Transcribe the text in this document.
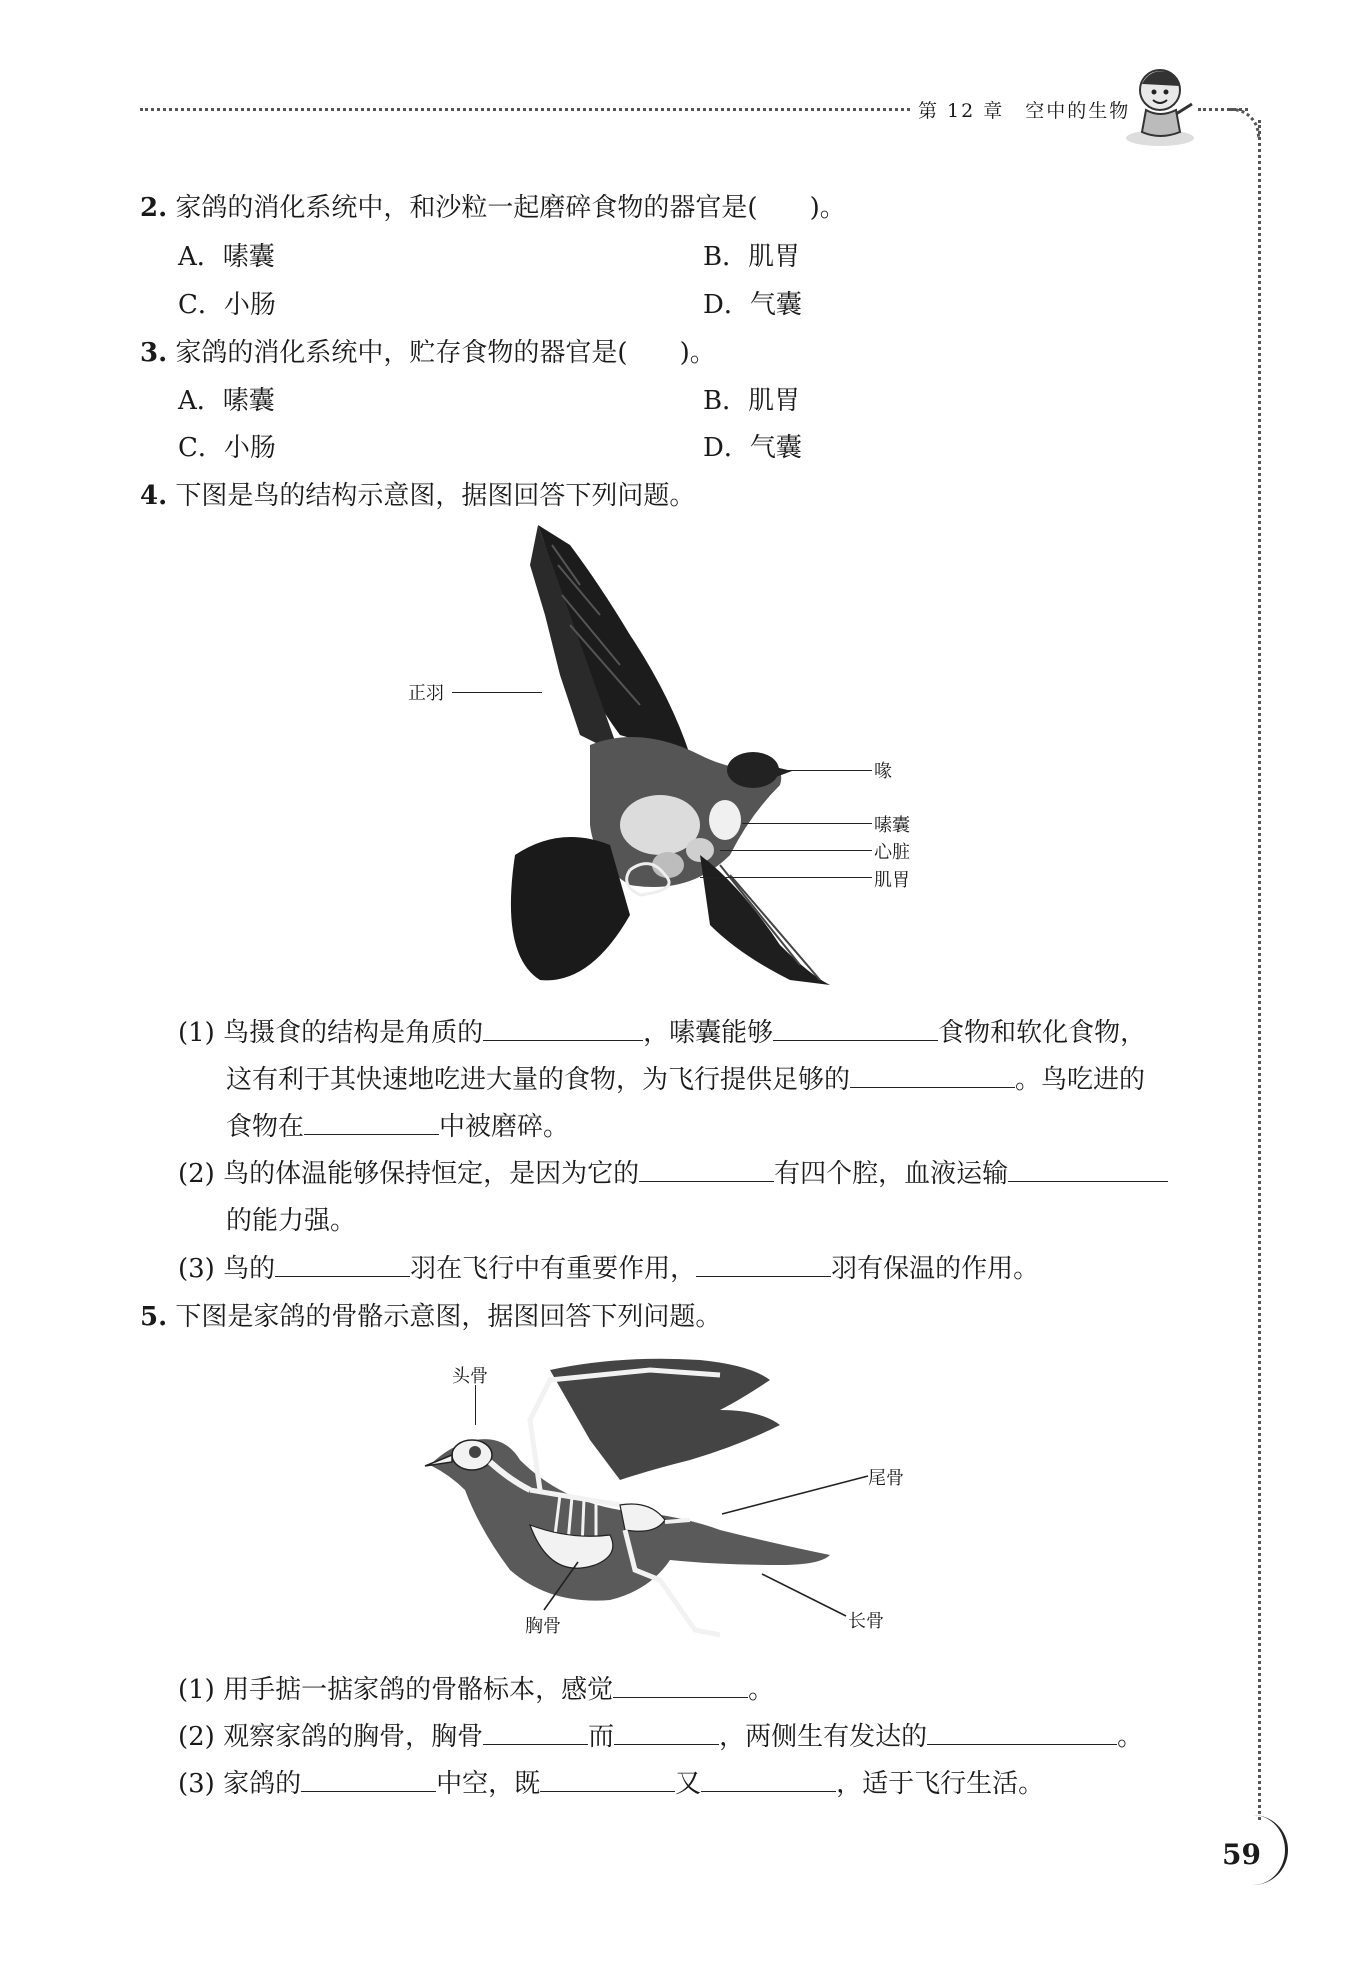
第 12 章　空中的生物
2. 家鸽的消化系统中，和沙粒一起磨碎食物的器官是(　　)。
A．嗉囊	B．肌胃
C．小肠	D．气囊
3. 家鸽的消化系统中，贮存食物的器官是(　　)。
A．嗉囊	B．肌胃
C．小肠	D．气囊
4. 下图是鸟的结构示意图，据图回答下列问题。
正羽
喙
嗉囊
心脏
肌胃
(1) 鸟摄食的结构是角质的	，嗉囊能够	食物和软化食物，
这有利于其快速地吃进大量的食物，为飞行提供足够的	。鸟吃进的
食物在	中被磨碎。
(2) 鸟的体温能够保持恒定，是因为它的	有四个腔，血液运输
的能力强。
(3) 鸟的	羽在飞行中有重要作用，	羽有保温的作用。
5. 下图是家鸽的骨骼示意图，据图回答下列问题。
头骨
尾骨
胸骨	长骨
(1) 用手掂一掂家鸽的骨骼标本，感觉	。
(2) 观察家鸽的胸骨，胸骨	而	，两侧生有发达的	。
(3) 家鸽的	中空，既	又	，适于飞行生活。
59
